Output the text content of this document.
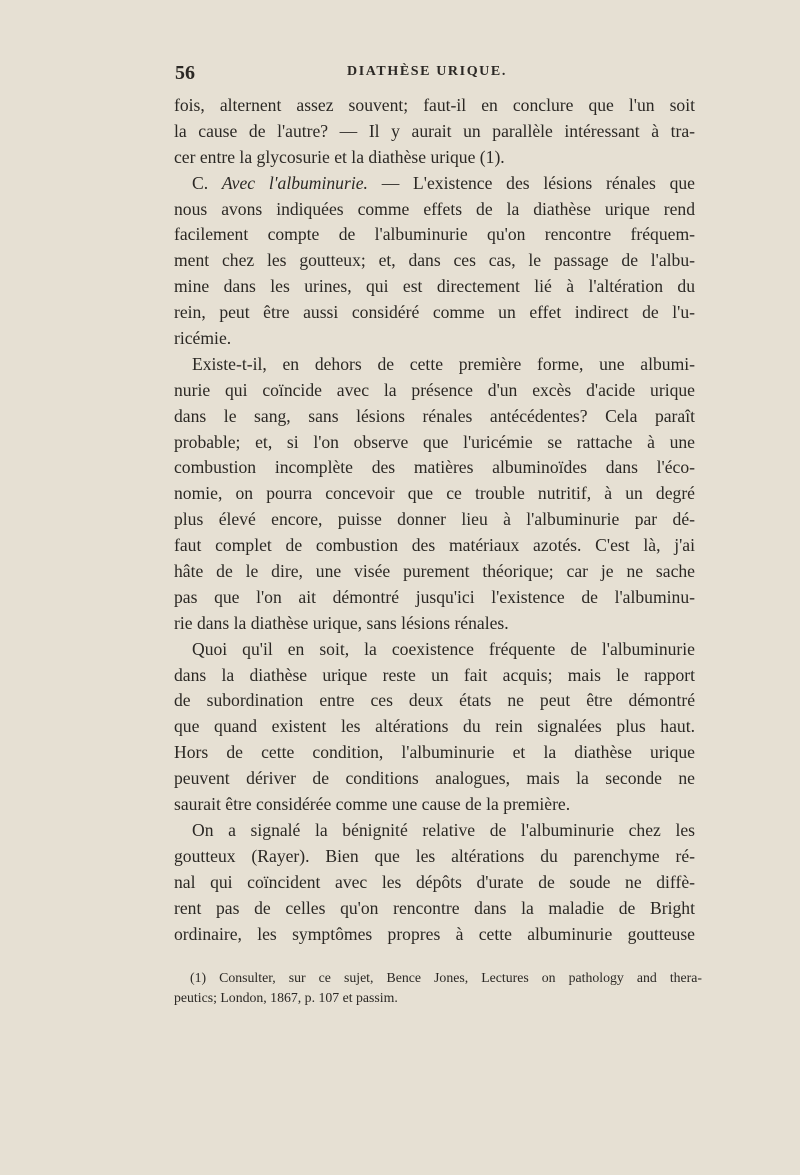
56	DIATHÈSE URIQUE.
fois, alternent assez souvent; faut-il en conclure que l'un soit
la cause de l'autre? — Il y aurait un parallèle intéressant à tra-
cer entre la glycosurie et la diathèse urique (1).
C. Avec l'albuminurie. — L'existence des lésions rénales que
nous avons indiquées comme effets de la diathèse urique rend
facilement compte de l'albuminurie qu'on rencontre fréquem-
ment chez les goutteux; et, dans ces cas, le passage de l'albu-
mine dans les urines, qui est directement lié à l'altération du
rein, peut être aussi considéré comme un effet indirect de l'u-
ricémie.
Existe-t-il, en dehors de cette première forme, une albumi-
nurie qui coïncide avec la présence d'un excès d'acide urique
dans le sang, sans lésions rénales antécédentes? Cela paraît
probable; et, si l'on observe que l'uricémie se rattache à une
combustion incomplète des matières albuminoïdes dans l'éco-
nomie, on pourra concevoir que ce trouble nutritif, à un degré
plus élevé encore, puisse donner lieu à l'albuminurie par dé-
faut complet de combustion des matériaux azotés. C'est là, j'ai
hâte de le dire, une visée purement théorique; car je ne sache
pas que l'on ait démontré jusqu'ici l'existence de l'albuminu-
rie dans la diathèse urique, sans lésions rénales.
Quoi qu'il en soit, la coexistence fréquente de l'albuminurie
dans la diathèse urique reste un fait acquis; mais le rapport
de subordination entre ces deux états ne peut être démontré
que quand existent les altérations du rein signalées plus haut.
Hors de cette condition, l'albuminurie et la diathèse urique
peuvent dériver de conditions analogues, mais la seconde ne
saurait être considérée comme une cause de la première.
On a signalé la bénignité relative de l'albuminurie chez les
goutteux (Rayer). Bien que les altérations du parenchyme ré-
nal qui coïncident avec les dépôts d'urate de soude ne diffè-
rent pas de celles qu'on rencontre dans la maladie de Bright
ordinaire, les symptômes propres à cette albuminurie goutteuse
(1) Consulter, sur ce sujet, Bence Jones, Lectures on pathology and thera-
peutics; London, 1867, p. 107 et passim.
